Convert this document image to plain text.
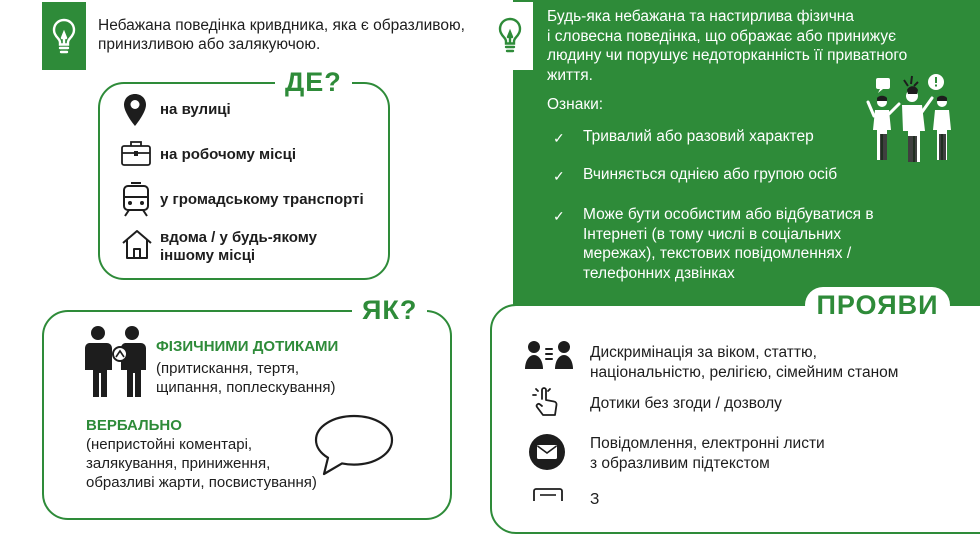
Небажана поведінка кривдника, яка є образливою, принизливою або залякуючою.
ДЕ?
на вулиці
на робочому місці
у громадському транспорті
вдома / у будь-якому
іншому місці
ЯК?
ФІЗИЧНИМИ ДОТИКАМИ
(притискання, тертя,
щипання, поплескування)
ВЕРБАЛЬНО
(непристойні коментарі,
залякування, приниження,
образливі жарти, посвистування)
Будь-яка небажана та настирлива фізична
і словесна поведінка, що ображає або принижує
людину чи порушує недоторканність її приватного
життя.
Ознаки:
✓ Тривалий або разовий характер
✓ Вчиняється однією або групою осіб
✓ Може бути особистим або відбуватися в
Інтернеті (в тому числі в соціальних
мережах), текстових повідомленнях /
телефонних дзвінках
ПРОЯВИ
Дискримінація за віком, статтю,
національністю, релігією, сімейним станом
Дотики без згоди / дозволу
Повідомлення, електронні листи
з образливим підтекстом
З
